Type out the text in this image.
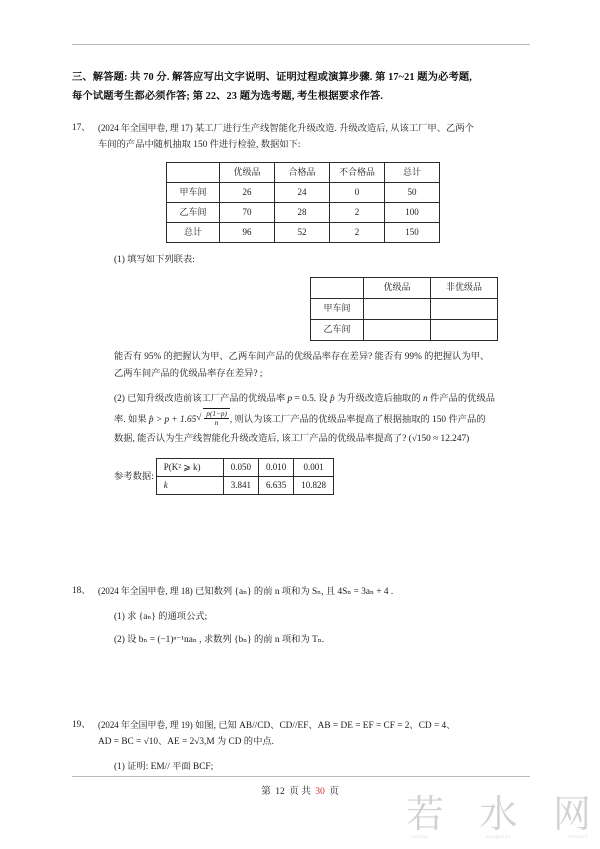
三、解答题: 共 70 分. 解答应写出文字说明、证明过程或演算步骤. 第 17~21 题为必考题,
每个试题考生都必须作答; 第 22、23 题为选考题, 考生根据要求作答.
17、 (2024 年全国甲卷, 理 17) 某工厂进行生产线智能化升级改造. 升级改造后, 从该工厂甲、乙两个

车间的产品中随机抽取 150 件进行检验, 数据如下:

	优级品	合格品	不合格品	总计
甲车间	26	24	0	50
乙车间	70	28	2	100
总计	96	52	2	150
(1) 填写如下列联表:
	优级品	非优级品
甲车间		
乙车间		
能否有 95% 的把握认为甲、乙两车间产品的优级品率存在差异? 能否有 99% 的把握认为甲、
乙两车间产品的优级品率存在差异? ;
(2) 已知升级改造前该工厂产品的优级品率 p = 0.5. 设 p̂ 为升级改造后抽取的 n 件产品的优级品
率. 如果 p̂ > p + 1.65 √ $\frac{p(1-p)}{n}$ , 则认为该工厂产品的优级品率提高了根据抽取的 150 件产品的
数据, 能否认为生产线智能化升级改造后, 该工厂产品的优级品率提高了? (√150 ≈ 12.247)
参考数据:
P(K² ⩾ k)	0.050	0.010	0.001
k	3.841	6.635	10.828
18、 (2024 年全国甲卷, 理 18) 已知数列 {aₙ} 的前 n 项和为 Sₙ, 且 4Sₙ = 3aₙ + 4 .

(1) 求 {aₙ} 的通项公式;
(2) 设 bₙ = (−1)ⁿ⁻¹naₙ , 求数列 {bₙ} 的前 n 项和为 Tₙ.
19、 (2024 年全国甲卷, 理 19) 如图, 已知 AB//CD、CD//EF、AB = DE = EF = CF = 2、CD = 4、

AD = BC = √10、AE = 2√3,M 为 CD 的中点.

(1) 证明: EM// 平面 BCF;
第 12 页 共 30 页
若 水 网
ruoshui	wangzhan	network
